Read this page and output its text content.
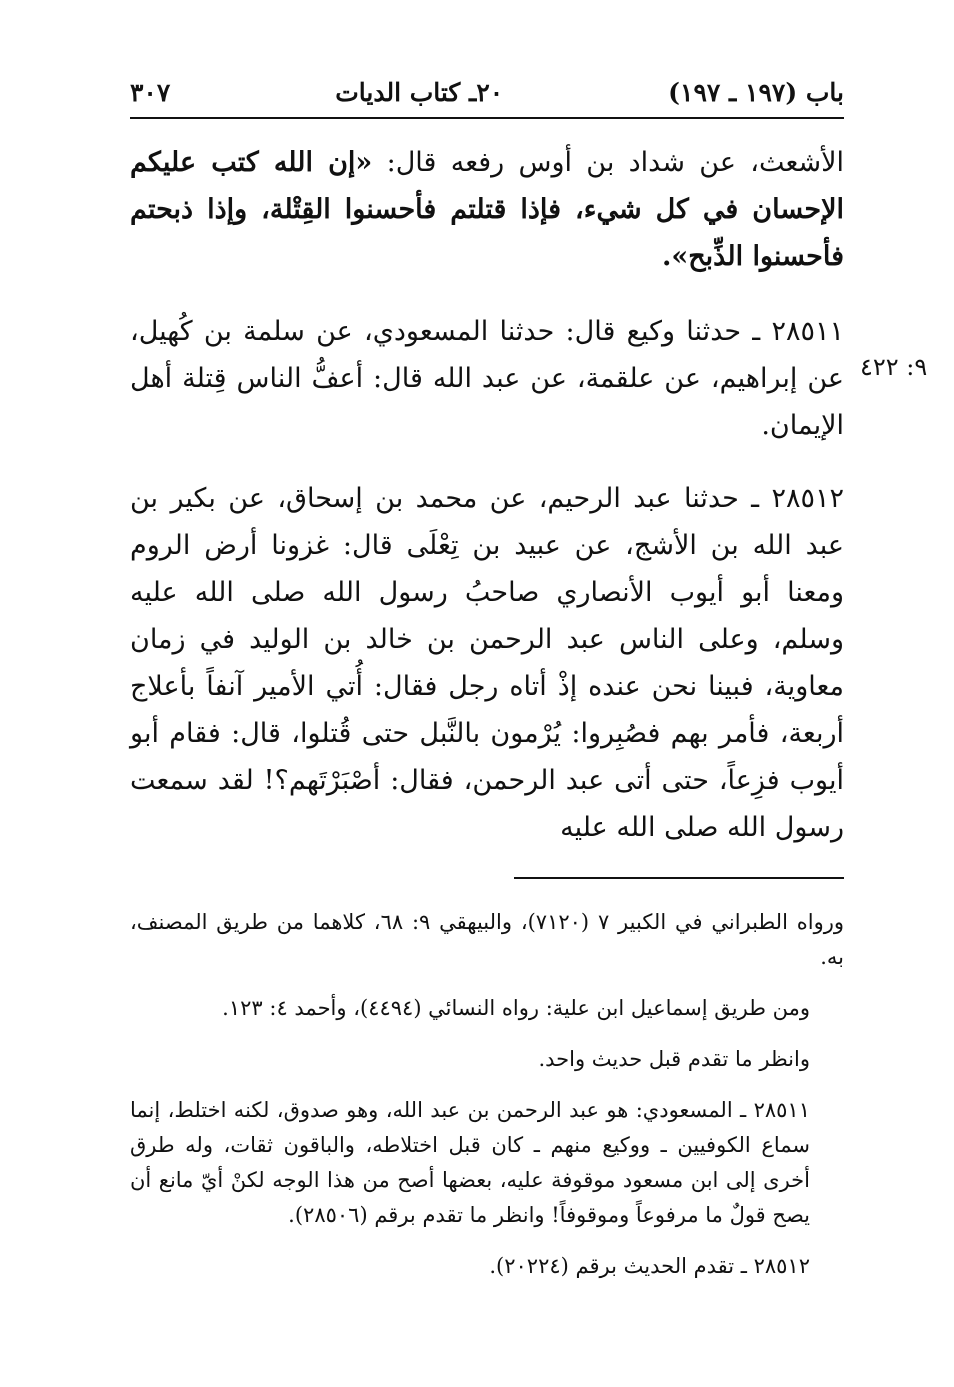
باب (١٩٧ ـ ١٩٧)
٢٠ـ كتاب الديات
٣٠٧

الأشعث، عن شداد بن أوس رفعه قال: «إن الله كتب عليكم الإحسان في كل شيء، فإذا قتلتم فأحسنوا القِتْلة، وإذا ذبحتم فأحسنوا الذِّبح».

٢٨٥١١ ـ حدثنا وكيع قال: حدثنا المسعودي، عن سلمة بن كُهيل، عن إبراهيم، عن علقمة، عن عبد الله قال: أعفُّ الناس قِتلة أهل الإيمان.

٢٨٥١٢ ـ حدثنا عبد الرحيم، عن محمد بن إسحاق، عن بكير بن عبد الله بن الأشج، عن عبيد بن تِعْلَى قال: غزونا أرض الروم ومعنا أبو أيوب الأنصاري صاحبُ رسول الله صلى الله عليه وسلم، وعلى الناس عبد الرحمن بن خالد بن الوليد في زمان معاوية، فبينا نحن عنده إذْ أتاه رجل فقال: أُتي الأمير آنفاً بأعلاج أربعة، فأمر بهم فصُبِروا: يُرْمون بالنَّبل حتى قُتلوا، قال: فقام أبو أيوب فزِعاً، حتى أتى عبد الرحمن، فقال: أصْبَرْتَهم؟! لقد سمعت رسول الله صلى الله عليه

ورواه الطبراني في الكبير ٧ (٧١٢٠)، والبيهقي ٩: ٦٨، كلاهما من طريق المصنف، به.

ومن طريق إسماعيل ابن علية: رواه النسائي (٤٤٩٤)، وأحمد ٤: ١٢٣.

وانظر ما تقدم قبل حديث واحد.

٢٨٥١١ ـ المسعودي: هو عبد الرحمن بن عبد الله، وهو صدوق، لكنه اختلط، إنما سماع الكوفيين ـ ووكيع منهم ـ كان قبل اختلاطه، والباقون ثقات، وله طرق أخرى إلى ابن مسعود موقوفة عليه، بعضها أصح من هذا الوجه لكنْ أيّ مانع أن يصح قولٌ ما مرفوعاً وموقوفاً! وانظر ما تقدم برقم (٢٨٥٠٦).

٢٨٥١٢ ـ تقدم الحديث برقم (٢٠٢٢٤).

٩: ٤٢٢
